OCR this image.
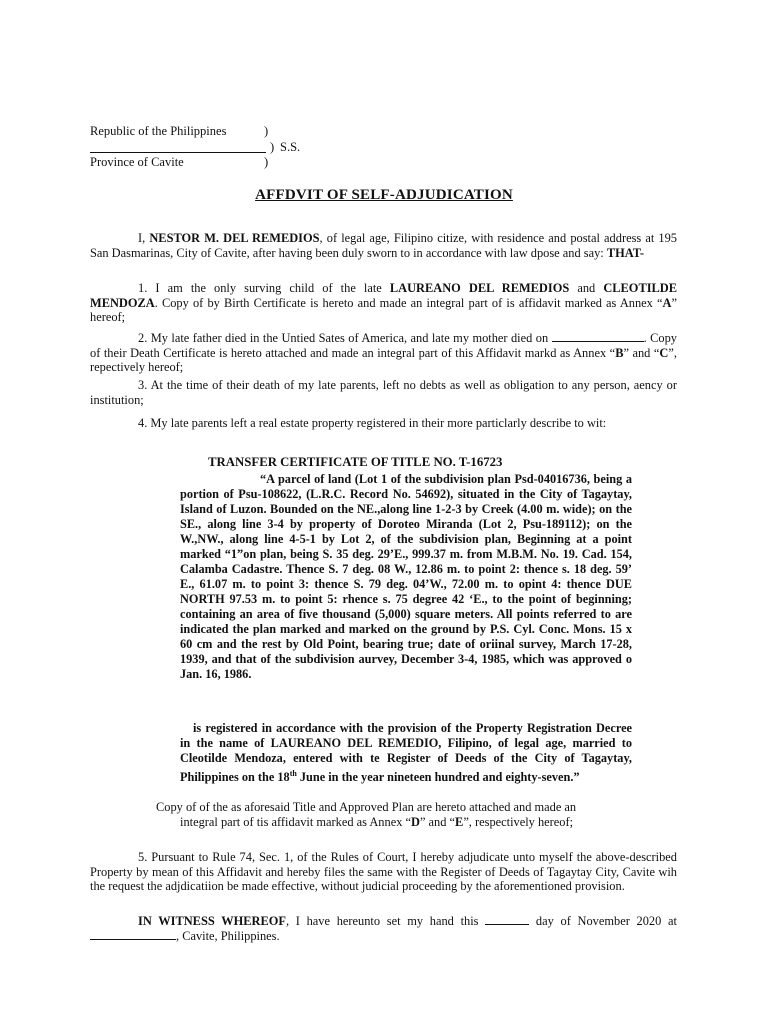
Republic of the Philippines	)
) S.S.
Province of Cavite	)
AFFDVIT OF SELF-ADJUDICATION
I, NESTOR M. DEL REMEDIOS, of legal age, Filipino citize, with residence and postal address at 195 San Dasmarinas, City of Cavite, after having been duly sworn to in accordance with law dpose and say: THAT-
1. I am the only surving child of the late LAUREANO DEL REMEDIOS and CLEOTILDE MENDOZA. Copy of by Birth Certificate is hereto and made an integral part of is affidavit marked as Annex “A” hereof;
2. My late father died in the Untied Sates of America, and late my mother died on	. Copy of their Death Certificate is hereto attached and made an integral part of this Affidavit markd as Annex “B” and “C”, repectively hereof;
3. At the time of their death of my late parents, left no debts as well as obligation to any person, aency or institution;
4. My late parents left a real estate property registered in their more particlarly describe to wit:
TRANSFER CERTIFICATE OF TITLE NO. T-16723
“A parcel of land (Lot 1 of the subdivision plan Psd-04016736, being a portion of Psu-108622, (L.R.C. Record No. 54692), situated in the City of Tagaytay, Island of Luzon. Bounded on the NE.,along line 1-2-3 by Creek (4.00 m. wide); on the SE., along line 3-4 by property of Doroteo Miranda (Lot 2, Psu-189112); on the W.,NW., along line 4-5-1 by Lot 2, of the subdivision plan, Beginning at a point marked “1”on plan, being S. 35 deg. 29’E., 999.37 m. from M.B.M. No. 19. Cad. 154, Calamba Cadastre. Thence S. 7 deg. 08 W., 12.86 m. to point 2: thence s. 18 deg. 59’ E., 61.07 m. to point 3: thence S. 79 deg. 04’W., 72.00 m. to opint 4: thence DUE NORTH 97.53 m. to point 5: rhence s. 75 degree 42 ‘E., to the point of beginning; containing an area of five thousand (5,000) square meters. All points referred to are indicated the plan marked and marked on the ground by P.S. Cyl. Conc. Mons. 15 x 60 cm and the rest by Old Point, bearing true; date of oriinal survey, March 17-28, 1939, and that of the subdivision aurvey, December 3-4, 1985, which was approved o Jan. 16, 1986.
is registered in accordance with the provision of the Property Registration Decree in the name of LAUREANO DEL REMEDIO, Filipino, of legal age, married to Cleotilde Mendoza, entered with te Register of Deeds of the City of Tagaytay, Philippines on the 18th June in the year nineteen hundred and eighty-seven.”
Copy of of the as aforesaid Title and Approved Plan are hereto attached and made an
integral part of tis affidavit marked as Annex “D” and “E”, respectively hereof;
5. Pursuant to Rule 74, Sec. 1, of the Rules of Court, I hereby adjudicate unto myself the above-described Property by mean of this Affidavit and hereby files the same with the Register of Deeds of Tagaytay City, Cavite wih the request the adjdicatiion be made effective, without judicial proceeding by the aforementioned provision.
IN WITNESS WHEREOF, I have hereunto set my hand this	day of November 2020 at , Cavite, Philippines.
